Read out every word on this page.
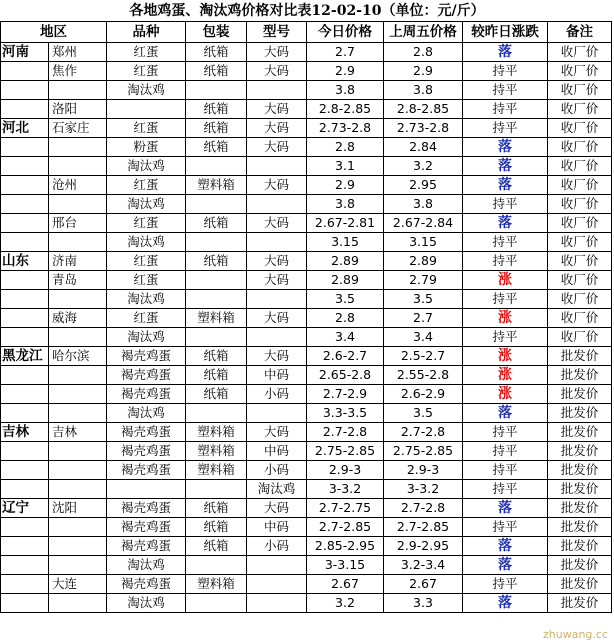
各地鸡蛋、淘汰鸡价格对比表12-02-10（单位：元/斤）
地区		品种	包装	型号	今日价格	上周五价格	较昨日涨跌	备注
河南	郑州	红蛋	纸箱	大码	2.7	2.8	落	收厂价
	焦作	红蛋	纸箱	大码	2.9	2.9	持平	收厂价
		淘汰鸡			3.8	3.8	持平	收厂价
	洛阳		纸箱	大码	2.8-2.85	2.8-2.85	持平	收厂价
河北	石家庄	红蛋	纸箱	大码	2.73-2.8	2.73-2.8	持平	收厂价
		粉蛋	纸箱	大码	2.8	2.84	落	收厂价
		淘汰鸡			3.1	3.2	落	收厂价
	沧州	红蛋	塑料箱	大码	2.9	2.95	落	收厂价
		淘汰鸡			3.8	3.8	持平	收厂价
	邢台	红蛋	纸箱	大码	2.67-2.81	2.67-2.84	落	收厂价
		淘汰鸡			3.15	3.15	持平	收厂价
山东	济南	红蛋	纸箱	大码	2.89	2.89	持平	收厂价
	青岛	红蛋		大码	2.89	2.79	涨	收厂价
		淘汰鸡			3.5	3.5	持平	收厂价
	威海	红蛋	塑料箱	大码	2.8	2.7	涨	收厂价
		淘汰鸡			3.4	3.4	持平	收厂价
黑龙江	哈尔滨	褐壳鸡蛋	纸箱	大码	2.6-2.7	2.5-2.7	涨	批发价
		褐壳鸡蛋	纸箱	中码	2.65-2.8	2.55-2.8	涨	批发价
		褐壳鸡蛋	纸箱	小码	2.7-2.9	2.6-2.9	涨	批发价
		淘汰鸡			3.3-3.5	3.5	落	批发价
吉林	吉林	褐壳鸡蛋	塑料箱	大码	2.7-2.8	2.7-2.8	持平	批发价
		褐壳鸡蛋	塑料箱	中码	2.75-2.85	2.75-2.85	持平	批发价
		褐壳鸡蛋	塑料箱	小码	2.9-3	2.9-3	持平	批发价
				淘汰鸡	3-3.2	3-3.2	持平	批发价
辽宁	沈阳	褐壳鸡蛋	纸箱	大码	2.7-2.75	2.7-2.8	落	批发价
		褐壳鸡蛋	纸箱	中码	2.7-2.85	2.7-2.85	持平	批发价
		褐壳鸡蛋	纸箱	小码	2.85-2.95	2.9-2.95	落	批发价
		淘汰鸡			3-3.15	3.2-3.4	落	批发价
	大连	褐壳鸡蛋	塑料箱		2.67	2.67	持平	批发价
		淘汰鸡			3.2	3.3	落	批发价
zhuwang.cc
